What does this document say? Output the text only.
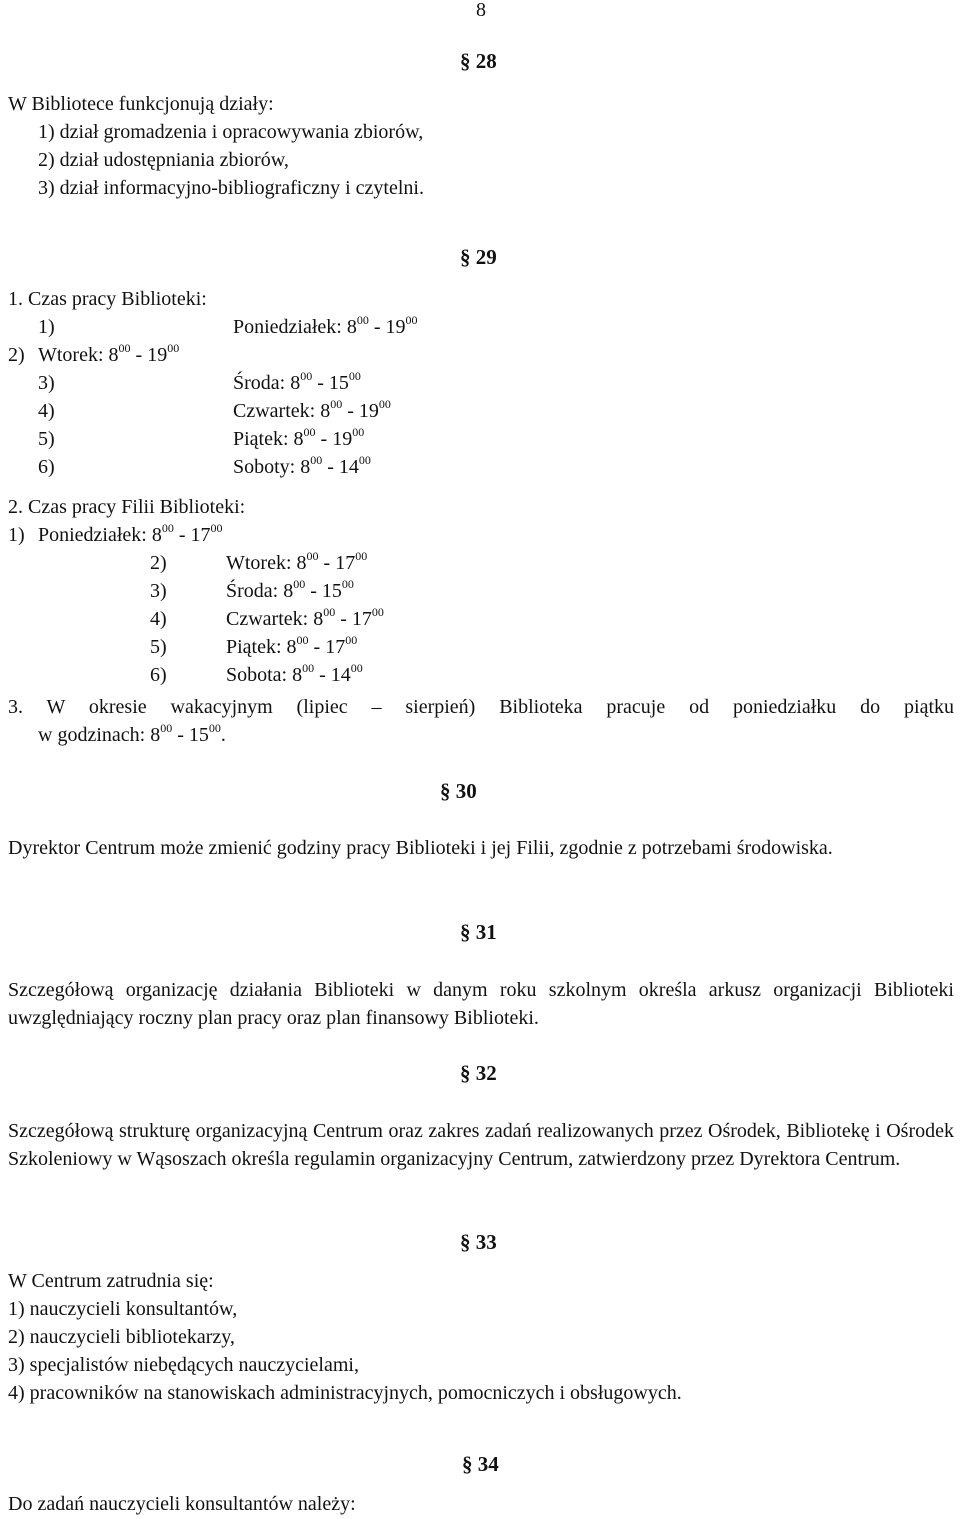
8
§ 28
W Bibliotece funkcjonują działy:
1) dział gromadzenia i opracowywania zbiorów,
2) dział udostępniania zbiorów,
3) dział informacyjno-bibliograficzny i czytelni.
§ 29
1. Czas pracy Biblioteki:
1)	Poniedziałek: $8^{00} - 19^{00}$
2) Wtorek: $8^{00} - 19^{00}$
3)	Środa: $8^{00} - 15^{00}$
4)	Czwartek: $8^{00} - 19^{00}$
5)	Piątek: $8^{00} - 19^{00}$
6)	Soboty: $8^{00} - 14^{00}$
2. Czas pracy Filii Biblioteki:
1) Poniedziałek: $8^{00} - 17^{00}$
2)	Wtorek: $8^{00} - 17^{00}$
3)	Środa: $8^{00} - 15^{00}$
4)	Czwartek: $8^{00} - 17^{00}$
5)	Piątek: $8^{00} - 17^{00}$
6)	Sobota: $8^{00} - 14^{00}$
3. W okresie wakacyjnym (lipiec – sierpień) Biblioteka pracuje od poniedziałku do piątku
w godzinach: $8^{00} - 15^{00}$.
§ 30
Dyrektor Centrum może zmienić godziny pracy Biblioteki i jej Filii, zgodnie z potrzebami środowiska.
§ 31
Szczegółową organizację działania Biblioteki w danym roku szkolnym określa arkusz organizacji Biblioteki uwzględniający roczny plan pracy oraz plan finansowy Biblioteki.
§ 32
Szczegółową strukturę organizacyjną Centrum oraz zakres zadań realizowanych przez Ośrodek, Bibliotekę i Ośrodek Szkoleniowy w Wąsoszach określa regulamin organizacyjny Centrum, zatwierdzony przez Dyrektora Centrum.
§ 33
W Centrum zatrudnia się:
1) nauczycieli konsultantów,
2) nauczycieli bibliotekarzy,
3) specjalistów niebędących nauczycielami,
4) pracowników na stanowiskach administracyjnych, pomocniczych i obsługowych.
§ 34
Do zadań nauczycieli konsultantów należy:
